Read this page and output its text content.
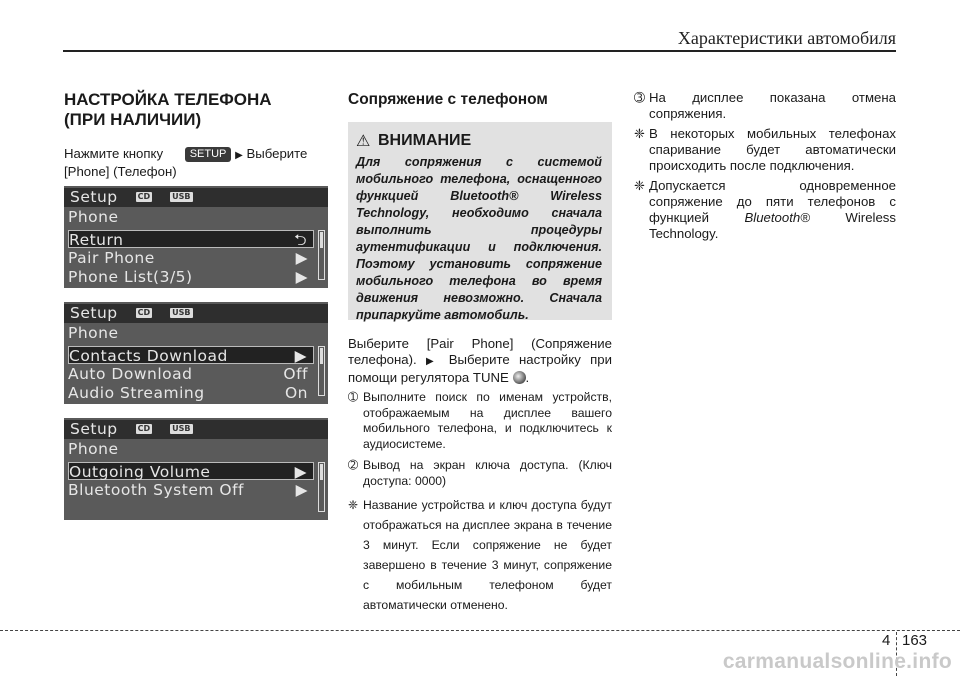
Характеристики автомобиля
НАСТРОЙКА ТЕЛЕФОНА
(ПРИ НАЛИЧИИ)

Нажмите кнопку SETUP ▶ Выберите
[Phone] (Телефон)

Setup	CD	USB
Phone
Return	⮌
Pair Phone	▶
Phone List(3/5)	▶
Setup	CD	USB
Phone
Contacts Download	▶
Auto Download	Off
Audio Streaming	On
Setup	CD	USB
Phone
Outgoing Volume	▶
Bluetooth System Off	▶
Сопряжение с телефоном
⚠ ВНИМАНИЕ
Для сопряжения с системой мобильного телефона, оснащенного функцией Bluetooth® Wireless Technology, необходимо сначала выполнить процедуры аутентификации и подключения. Поэтому установить сопряжение мобильного телефона во время движения невозможно. Сначала припаркуйте автомобиль.

Выберите [Pair Phone] (Сопряжение телефона). ▶ Выберите настройку при помощи регулятора TUNE .

➀ Выполните поиск по именам устройств, отображаемым на дисплее вашего мобильного телефона, и подключитесь к аудиосистеме.
➁ Вывод на экран ключа доступа. (Ключ доступа: 0000)
❈ Название устройства и ключ доступа будут отображаться на дисплее экрана в течение 3 минут. Если сопряжение не будет завершено в течение 3 минут, сопряжение с мобильным телефоном будет автоматически отменено.
➂ На дисплее показана отмена сопряжения.
❈ В некоторых мобильных телефонах спаривание будет автоматически происходить после подключения.
❈ Допускается одновременное сопряжение до пяти телефонов с функцией	Bluetooth®	Wireless Technology.
4 163
carmanualsonline.info
